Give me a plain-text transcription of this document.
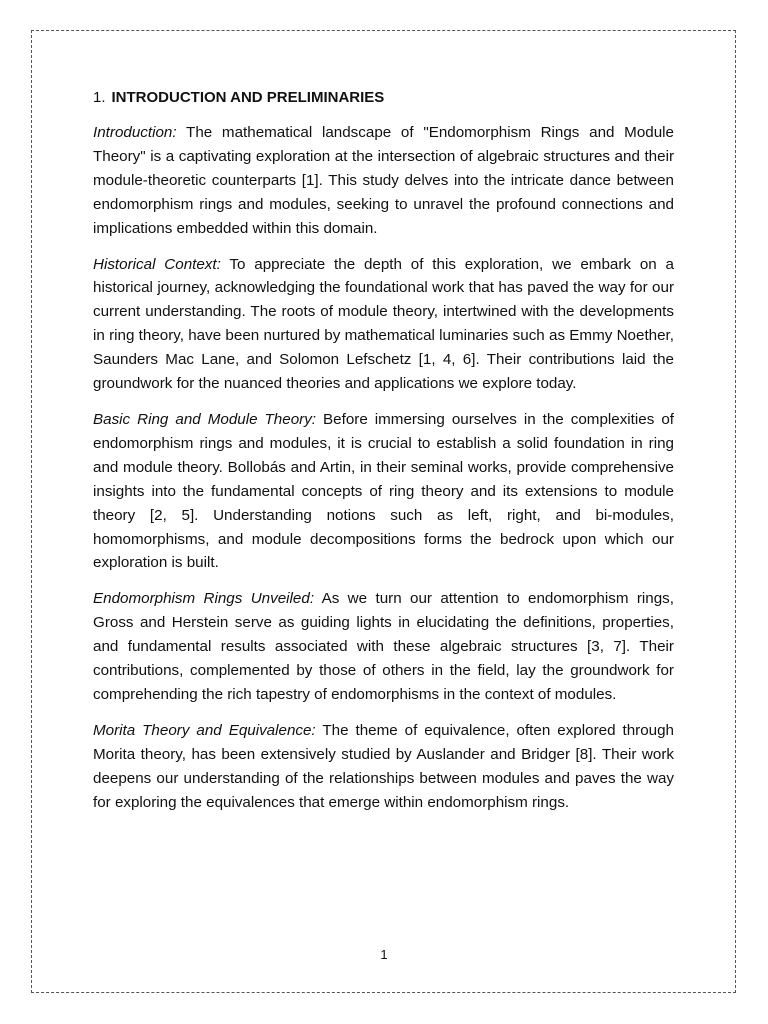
1. INTRODUCTION AND PRELIMINARIES

Introduction: The mathematical landscape of "Endomorphism Rings and Module Theory" is a captivating exploration at the intersection of algebraic structures and their module-theoretic counterparts [1]. This study delves into the intricate dance between endomorphism rings and modules, seeking to unravel the profound connections and implications embedded within this domain.

Historical Context: To appreciate the depth of this exploration, we embark on a historical journey, acknowledging the foundational work that has paved the way for our current understanding. The roots of module theory, intertwined with the developments in ring theory, have been nurtured by mathematical luminaries such as Emmy Noether, Saunders Mac Lane, and Solomon Lefschetz [1, 4, 6]. Their contributions laid the groundwork for the nuanced theories and applications we explore today.

Basic Ring and Module Theory: Before immersing ourselves in the complexities of endomorphism rings and modules, it is crucial to establish a solid foundation in ring and module theory. Bollobás and Artin, in their seminal works, provide comprehensive insights into the fundamental concepts of ring theory and its extensions to module theory [2, 5]. Understanding notions such as left, right, and bi-modules, homomorphisms, and module decompositions forms the bedrock upon which our exploration is built.

Endomorphism Rings Unveiled: As we turn our attention to endomorphism rings, Gross and Herstein serve as guiding lights in elucidating the definitions, properties, and fundamental results associated with these algebraic structures [3, 7]. Their contributions, complemented by those of others in the field, lay the groundwork for comprehending the rich tapestry of endomorphisms in the context of modules.

Morita Theory and Equivalence: The theme of equivalence, often explored through Morita theory, has been extensively studied by Auslander and Bridger [8]. Their work deepens our understanding of the relationships between modules and paves the way for exploring the equivalences that emerge within endomorphism rings.

1
